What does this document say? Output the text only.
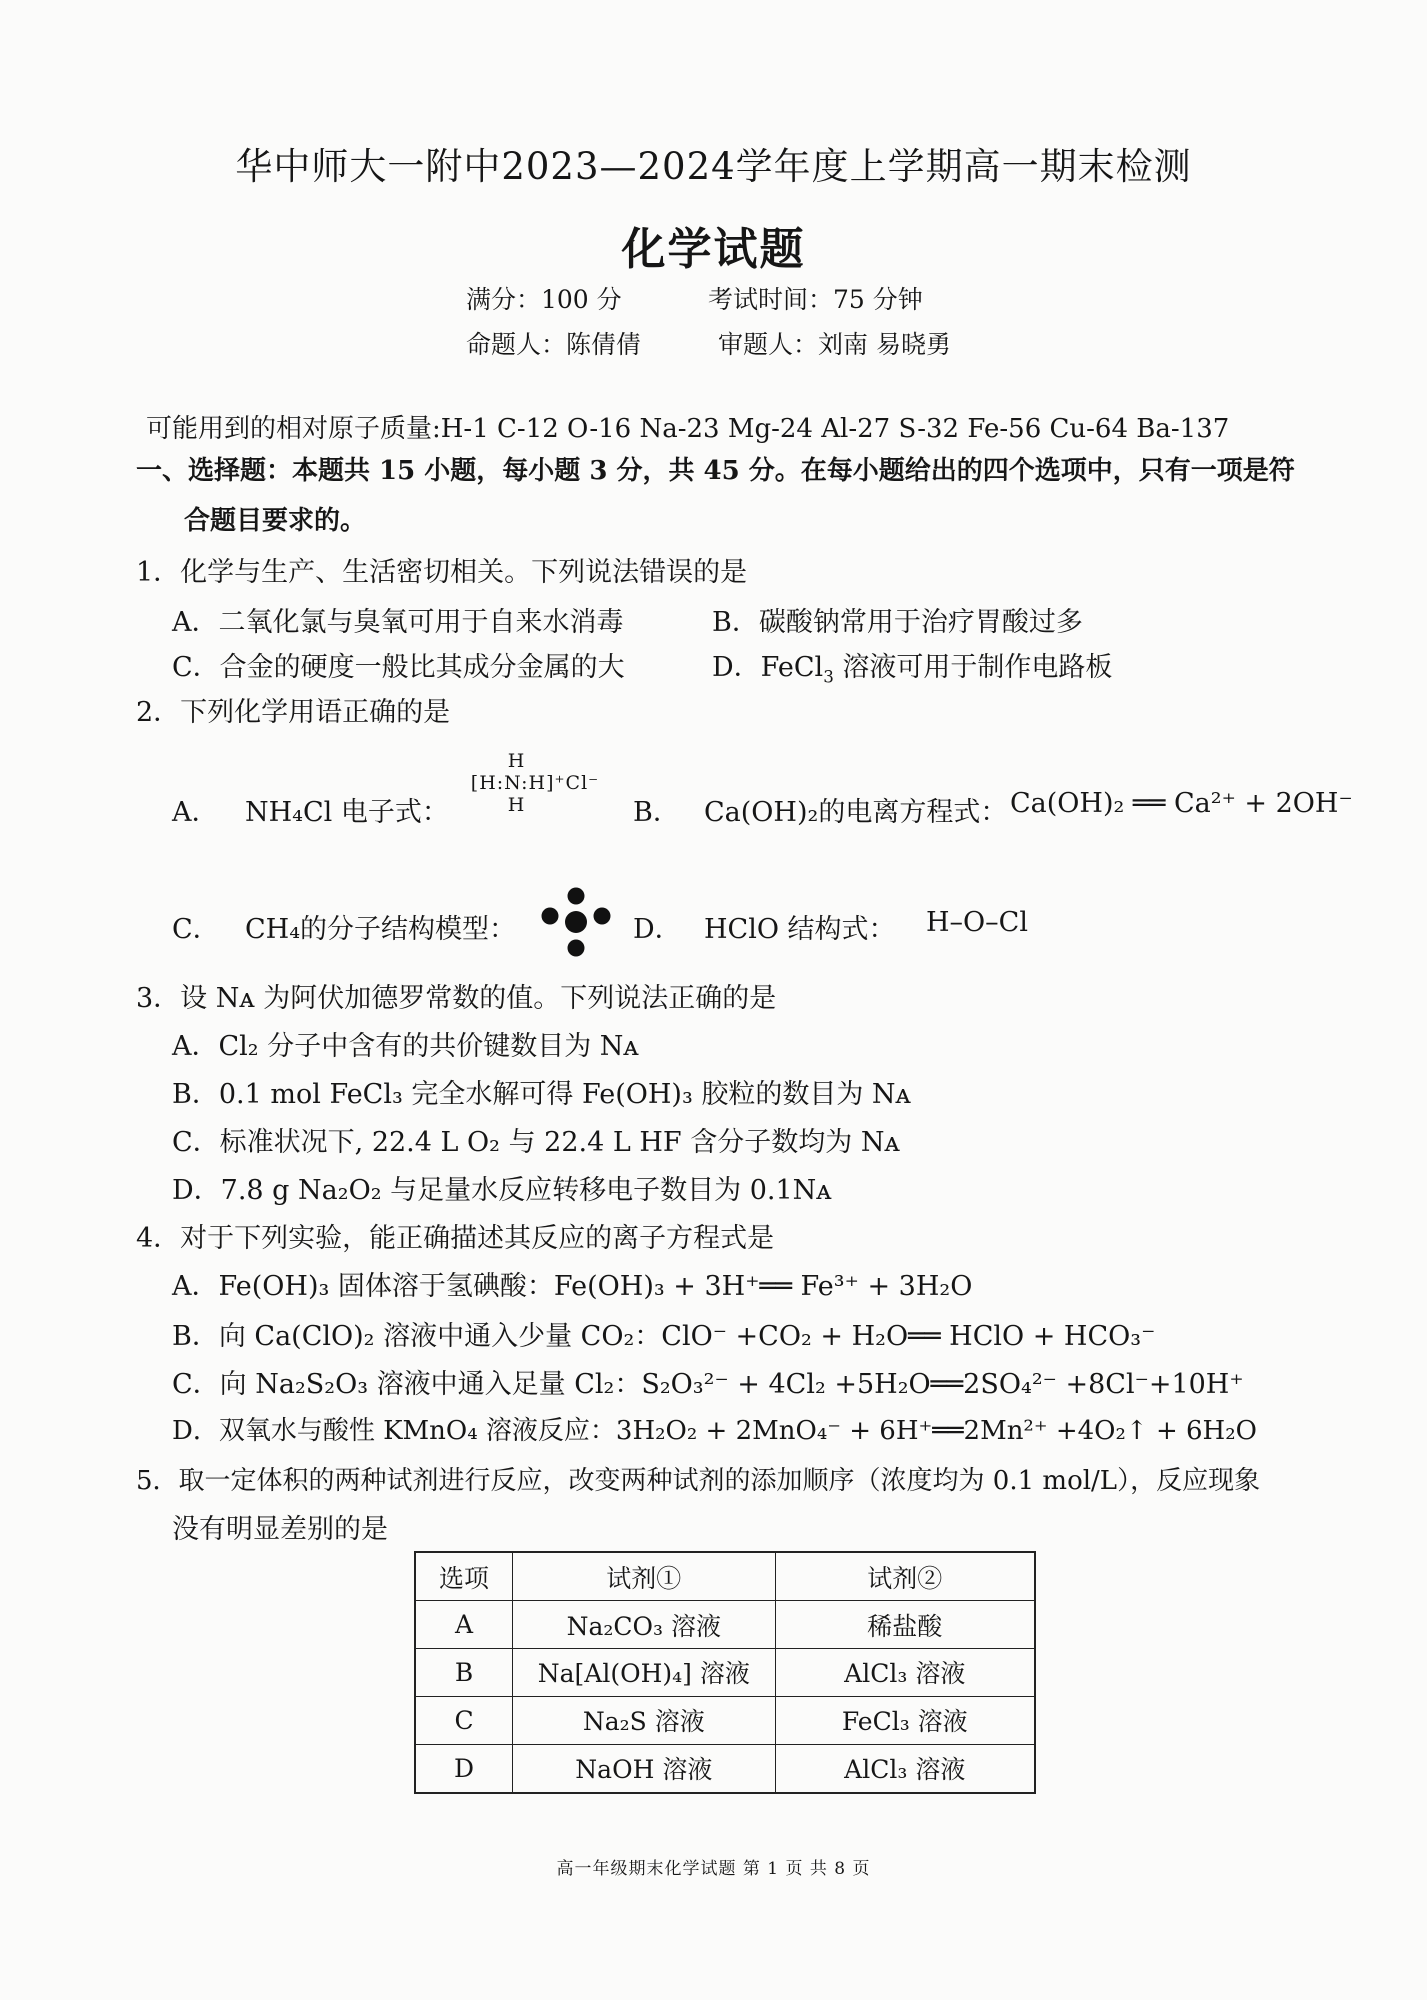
华中师大一附中2023—2024学年度上学期高一期末检测
化学试题
满分：100 分	考试时间：75 分钟
命题人：陈倩倩	审题人：刘南 易晓勇
可能用到的相对原子质量:H-1 C-12 O-16 Na-23 Mg-24 Al-27 S-32 Fe-56 Cu-64 Ba-137
一、选择题：本题共 15 小题，每小题 3 分，共 45 分。在每小题给出的四个选项中，只有一项是符
合题目要求的。
1．化学与生产、生活密切相关。下列说法错误的是
A．二氧化氯与臭氧可用于自来水消毒	B．碳酸钠常用于治疗胃酸过多
C．合金的硬度一般比其成分金属的大	D．FeCl$_3$ 溶液可用于制作电路板
2．下列化学用语正确的是
A． NH₄Cl 电子式：
H
[H:N:H]⁺Cl⁻
H	B． Ca(OH)₂的电离方程式： Ca(OH)₂ ══ Ca²⁺ + 2OH⁻
C． CH₄的分子结构模型：	D． HClO 结构式： H–O–Cl
3．设 Nᴀ 为阿伏加德罗常数的值。下列说法正确的是
A．Cl₂ 分子中含有的共价键数目为 Nᴀ
B．0.1 mol FeCl₃ 完全水解可得 Fe(OH)₃ 胶粒的数目为 Nᴀ
C．标准状况下, 22.4 L O₂ 与 22.4 L HF 含分子数均为 Nᴀ
D．7.8 g Na₂O₂ 与足量水反应转移电子数目为 0.1Nᴀ
4．对于下列实验，能正确描述其反应的离子方程式是
A．Fe(OH)₃ 固体溶于氢碘酸：Fe(OH)₃ + 3H⁺══ Fe³⁺ + 3H₂O
B．向 Ca(ClO)₂ 溶液中通入少量 CO₂：ClO⁻ +CO₂ + H₂O══ HClO + HCO₃⁻
C．向 Na₂S₂O₃ 溶液中通入足量 Cl₂：S₂O₃²⁻ + 4Cl₂ +5H₂O══2SO₄²⁻ +8Cl⁻+10H⁺
D．双氧水与酸性 KMnO₄ 溶液反应：3H₂O₂ + 2MnO₄⁻ + 6H⁺══2Mn²⁺ +4O₂↑ + 6H₂O
5．取一定体积的两种试剂进行反应，改变两种试剂的添加顺序（浓度均为 0.1 mol/L），反应现象
没有明显差别的是
选项	试剂①	试剂②
A	Na₂CO₃ 溶液	稀盐酸
B	Na[Al(OH)₄] 溶液	AlCl₃ 溶液
C	Na₂S 溶液	FeCl₃ 溶液
D	NaOH 溶液	AlCl₃ 溶液
高一年级期末化学试题 第 1 页 共 8 页
